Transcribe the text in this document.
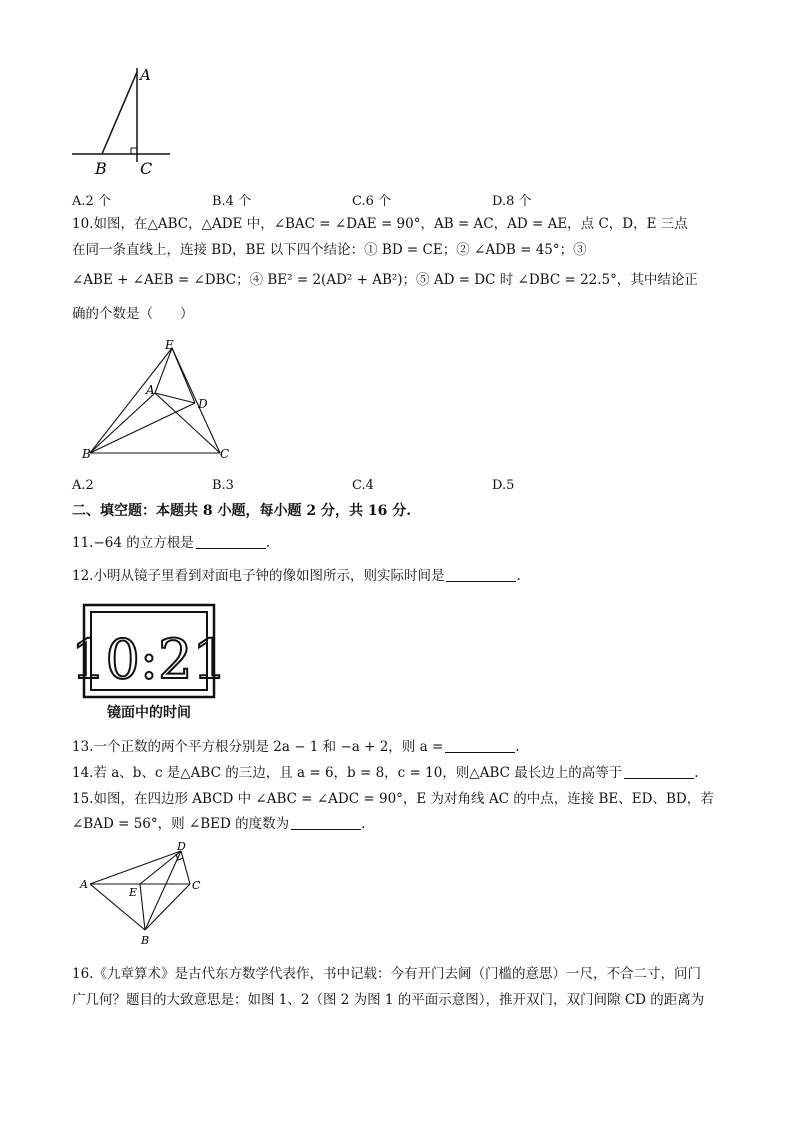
A
B C
A.2 个	B.4 个	C.6 个	D.8 个
10.如图，在△ABC，△ADE 中，∠BAC = ∠DAE = 90°，AB = AC，AD = AE，点 C，D，E 三点
在同一条直线上，连接 BD，BE 以下四个结论：① BD = CE；② ∠ADB = 45°；③
∠ABE + ∠AEB = ∠DBC；④ BE² = 2(AD² + AB²)；⑤ AD = DC 时 ∠DBC = 22.5°，其中结论正
确的个数是（　　）
E
A
D
B	C
A.2	B.3	C.4	D.5
二、填空题：本题共 8 小题，每小题 2 分，共 16 分.
11.−64 的立方根是	.
12.小明从镜子里看到对面电子钟的像如图所示，则实际时间是	.
10:21
镜面中的时间
13.一个正数的两个平方根分别是 2a − 1 和 −a + 2，则 a =	.
14.若 a、b、c 是△ABC 的三边，且 a = 6，b = 8，c = 10，则△ABC 最长边上的高等于	.
15.如图，在四边形 ABCD 中 ∠ABC = ∠ADC = 90°，E 为对角线 AC 的中点，连接 BE、ED、BD，若
∠BAD = 56°，则 ∠BED 的度数为	.
A
E
C
D
B
16.《九章算术》是古代东方数学代表作，书中记载：今有开门去阃（门槛的意思）一尺，不合二寸，问门
广几何？题目的大致意思是：如图 1、2（图 2 为图 1 的平面示意图），推开双门，双门间隙 CD 的距离为
